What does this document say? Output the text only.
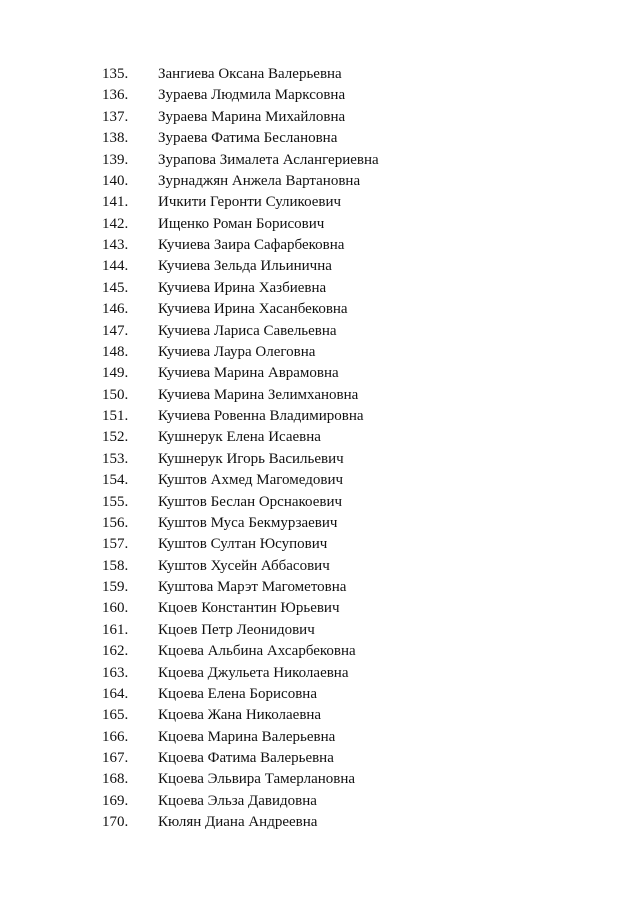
135. Зангиева Оксана Валерьевна
136. Зураева Людмила Марксовна
137. Зураева Марина Михайловна
138. Зураева Фатима Беслановна
139. Зурапова Зималета Аслангериевна
140. Зурнаджян Анжела Вартановна
141. Ичкити Геронти Суликоевич
142. Ищенко Роман Борисович
143. Кучиева Заира Сафарбековна
144. Кучиева Зельда Ильинична
145. Кучиева Ирина Хазбиевна
146. Кучиева Ирина Хасанбековна
147. Кучиева Лариса Савельевна
148. Кучиева Лаура Олеговна
149. Кучиева Марина Аврамовна
150. Кучиева Марина Зелимхановна
151. Кучиева Ровенна Владимировна
152. Кушнерук Елена Исаевна
153. Кушнерук Игорь Васильевич
154. Куштов Ахмед Магомедович
155. Куштов Беслан Орснакоевич
156. Куштов Муса Бекмурзаевич
157. Куштов Султан Юсупович
158. Куштов Хусейн Аббасович
159. Куштова Марэт Магометовна
160. Кцоев Константин Юрьевич
161. Кцоев Петр Леонидович
162. Кцоева Альбина Ахсарбековна
163. Кцоева Джульета Николаевна
164. Кцоева Елена Борисовна
165. Кцоева Жана Николаевна
166. Кцоева Марина Валерьевна
167. Кцоева Фатима Валерьевна
168. Кцоева Эльвира Тамерлановна
169. Кцоева Эльза Давидовна
170. Кюлян Диана Андреевна
